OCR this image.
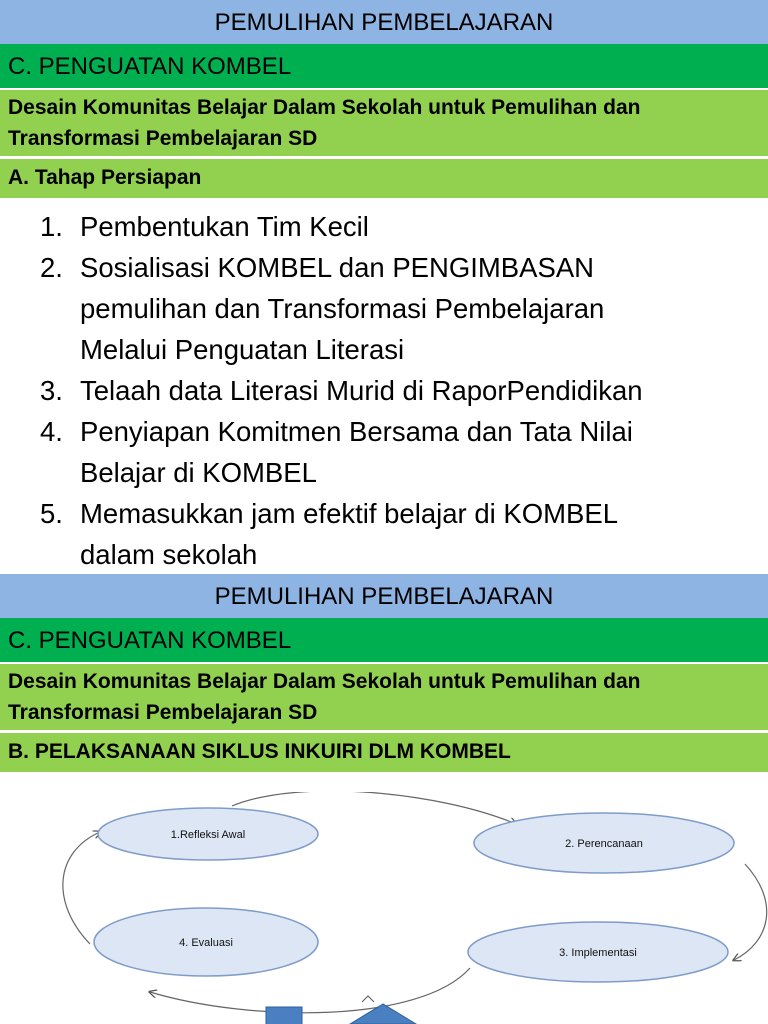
PEMULIHAN PEMBELAJARAN
C. PENGUATAN KOMBEL
Desain Komunitas Belajar Dalam Sekolah untuk Pemulihan dan Transformasi Pembelajaran SD
A. Tahap Persiapan
1. Pembentukan Tim Kecil
2. Sosialisasi KOMBEL dan PENGIMBASAN
pemulihan dan Transformasi Pembelajaran
Melalui Penguatan Literasi
3. Telaah data Literasi Murid di RaporPendidikan
4. Penyiapan Komitmen Bersama dan Tata Nilai
Belajar di KOMBEL
5. Memasukkan jam efektif belajar di KOMBEL
dalam sekolah
PEMULIHAN PEMBELAJARAN
C. PENGUATAN KOMBEL
Desain Komunitas Belajar Dalam Sekolah untuk Pemulihan dan Transformasi Pembelajaran SD
B. PELAKSANAAN SIKLUS INKUIRI DLM KOMBEL
1.Refleksi Awal
2. Perencanaan
3. Implementasi
4. Evaluasi
